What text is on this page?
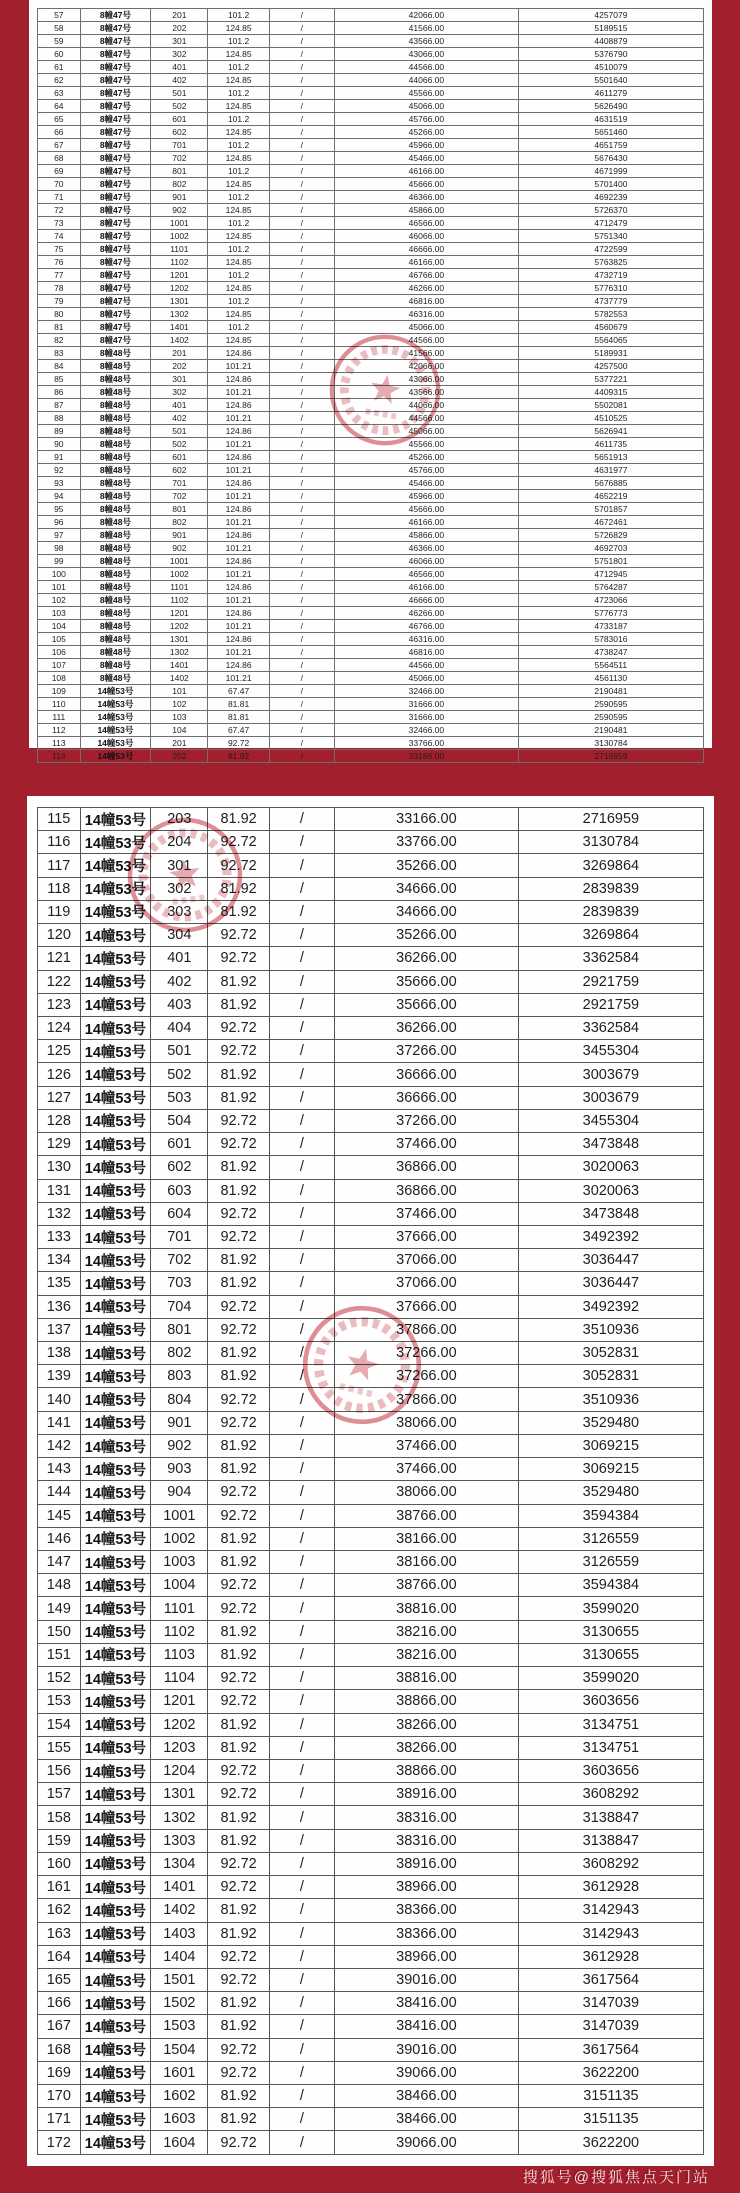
57	8幢47号	201	101.2	/	42066.00	4257079
58	8幢47号	202	124.85	/	41566.00	5189515
59	8幢47号	301	101.2	/	43566.00	4408879
60	8幢47号	302	124.85	/	43066.00	5376790
61	8幢47号	401	101.2	/	44566.00	4510079
62	8幢47号	402	124.85	/	44066.00	5501640
63	8幢47号	501	101.2	/	45566.00	4611279
64	8幢47号	502	124.85	/	45066.00	5626490
65	8幢47号	601	101.2	/	45766.00	4631519
66	8幢47号	602	124.85	/	45266.00	5651460
67	8幢47号	701	101.2	/	45966.00	4651759
68	8幢47号	702	124.85	/	45466.00	5676430
69	8幢47号	801	101.2	/	46166.00	4671999
70	8幢47号	802	124.85	/	45666.00	5701400
71	8幢47号	901	101.2	/	46366.00	4692239
72	8幢47号	902	124.85	/	45866.00	5726370
73	8幢47号	1001	101.2	/	46566.00	4712479
74	8幢47号	1002	124.85	/	46066.00	5751340
75	8幢47号	1101	101.2	/	46666.00	4722599
76	8幢47号	1102	124.85	/	46166.00	5763825
77	8幢47号	1201	101.2	/	46766.00	4732719
78	8幢47号	1202	124.85	/	46266.00	5776310
79	8幢47号	1301	101.2	/	46816.00	4737779
80	8幢47号	1302	124.85	/	46316.00	5782553
81	8幢47号	1401	101.2	/	45066.00	4560679
82	8幢47号	1402	124.85	/	44566.00	5564065
83	8幢48号	201	124.86	/	41566.00	5189931
84	8幢48号	202	101.21	/	42066.00	4257500
85	8幢48号	301	124.86	/	43066.00	5377221
86	8幢48号	302	101.21	/	43566.00	4409315
87	8幢48号	401	124.86	/	44066.00	5502081
88	8幢48号	402	101.21	/	44566.00	4510525
89	8幢48号	501	124.86	/	45066.00	5626941
90	8幢48号	502	101.21	/	45566.00	4611735
91	8幢48号	601	124.86	/	45266.00	5651913
92	8幢48号	602	101.21	/	45766.00	4631977
93	8幢48号	701	124.86	/	45466.00	5676885
94	8幢48号	702	101.21	/	45966.00	4652219
95	8幢48号	801	124.86	/	45666.00	5701857
96	8幢48号	802	101.21	/	46166.00	4672461
97	8幢48号	901	124.86	/	45866.00	5726829
98	8幢48号	902	101.21	/	46366.00	4692703
99	8幢48号	1001	124.86	/	46066.00	5751801
100	8幢48号	1002	101.21	/	46566.00	4712945
101	8幢48号	1101	124.86	/	46166.00	5764287
102	8幢48号	1102	101.21	/	46666.00	4723066
103	8幢48号	1201	124.86	/	46266.00	5776773
104	8幢48号	1202	101.21	/	46766.00	4733187
105	8幢48号	1301	124.86	/	46316.00	5783016
106	8幢48号	1302	101.21	/	46816.00	4738247
107	8幢48号	1401	124.86	/	44566.00	5564511
108	8幢48号	1402	101.21	/	45066.00	4561130
109	14幢53号	101	67.47	/	32466.00	2190481
110	14幢53号	102	81.81	/	31666.00	2590595
111	14幢53号	103	81.81	/	31666.00	2590595
112	14幢53号	104	67.47	/	32466.00	2190481
113	14幢53号	201	92.72	/	33766.00	3130784
114	14幢53号	202	81.92	/	33166.00	2716959
115	14幢53号	203	81.92	/	33166.00	2716959
116	14幢53号	204	92.72	/	33766.00	3130784
117	14幢53号	301	92.72	/	35266.00	3269864
118	14幢53号	302	81.92	/	34666.00	2839839
119	14幢53号	303	81.92	/	34666.00	2839839
120	14幢53号	304	92.72	/	35266.00	3269864
121	14幢53号	401	92.72	/	36266.00	3362584
122	14幢53号	402	81.92	/	35666.00	2921759
123	14幢53号	403	81.92	/	35666.00	2921759
124	14幢53号	404	92.72	/	36266.00	3362584
125	14幢53号	501	92.72	/	37266.00	3455304
126	14幢53号	502	81.92	/	36666.00	3003679
127	14幢53号	503	81.92	/	36666.00	3003679
128	14幢53号	504	92.72	/	37266.00	3455304
129	14幢53号	601	92.72	/	37466.00	3473848
130	14幢53号	602	81.92	/	36866.00	3020063
131	14幢53号	603	81.92	/	36866.00	3020063
132	14幢53号	604	92.72	/	37466.00	3473848
133	14幢53号	701	92.72	/	37666.00	3492392
134	14幢53号	702	81.92	/	37066.00	3036447
135	14幢53号	703	81.92	/	37066.00	3036447
136	14幢53号	704	92.72	/	37666.00	3492392
137	14幢53号	801	92.72	/	37866.00	3510936
138	14幢53号	802	81.92	/	37266.00	3052831
139	14幢53号	803	81.92	/	37266.00	3052831
140	14幢53号	804	92.72	/	37866.00	3510936
141	14幢53号	901	92.72	/	38066.00	3529480
142	14幢53号	902	81.92	/	37466.00	3069215
143	14幢53号	903	81.92	/	37466.00	3069215
144	14幢53号	904	92.72	/	38066.00	3529480
145	14幢53号	1001	92.72	/	38766.00	3594384
146	14幢53号	1002	81.92	/	38166.00	3126559
147	14幢53号	1003	81.92	/	38166.00	3126559
148	14幢53号	1004	92.72	/	38766.00	3594384
149	14幢53号	1101	92.72	/	38816.00	3599020
150	14幢53号	1102	81.92	/	38216.00	3130655
151	14幢53号	1103	81.92	/	38216.00	3130655
152	14幢53号	1104	92.72	/	38816.00	3599020
153	14幢53号	1201	92.72	/	38866.00	3603656
154	14幢53号	1202	81.92	/	38266.00	3134751
155	14幢53号	1203	81.92	/	38266.00	3134751
156	14幢53号	1204	92.72	/	38866.00	3603656
157	14幢53号	1301	92.72	/	38916.00	3608292
158	14幢53号	1302	81.92	/	38316.00	3138847
159	14幢53号	1303	81.92	/	38316.00	3138847
160	14幢53号	1304	92.72	/	38916.00	3608292
161	14幢53号	1401	92.72	/	38966.00	3612928
162	14幢53号	1402	81.92	/	38366.00	3142943
163	14幢53号	1403	81.92	/	38366.00	3142943
164	14幢53号	1404	92.72	/	38966.00	3612928
165	14幢53号	1501	92.72	/	39016.00	3617564
166	14幢53号	1502	81.92	/	38416.00	3147039
167	14幢53号	1503	81.92	/	38416.00	3147039
168	14幢53号	1504	92.72	/	39016.00	3617564
169	14幢53号	1601	92.72	/	39066.00	3622200
170	14幢53号	1602	81.92	/	38466.00	3151135
171	14幢53号	1603	81.92	/	38466.00	3151135
172	14幢53号	1604	92.72	/	39066.00	3622200
搜狐号@搜狐焦点天门站
